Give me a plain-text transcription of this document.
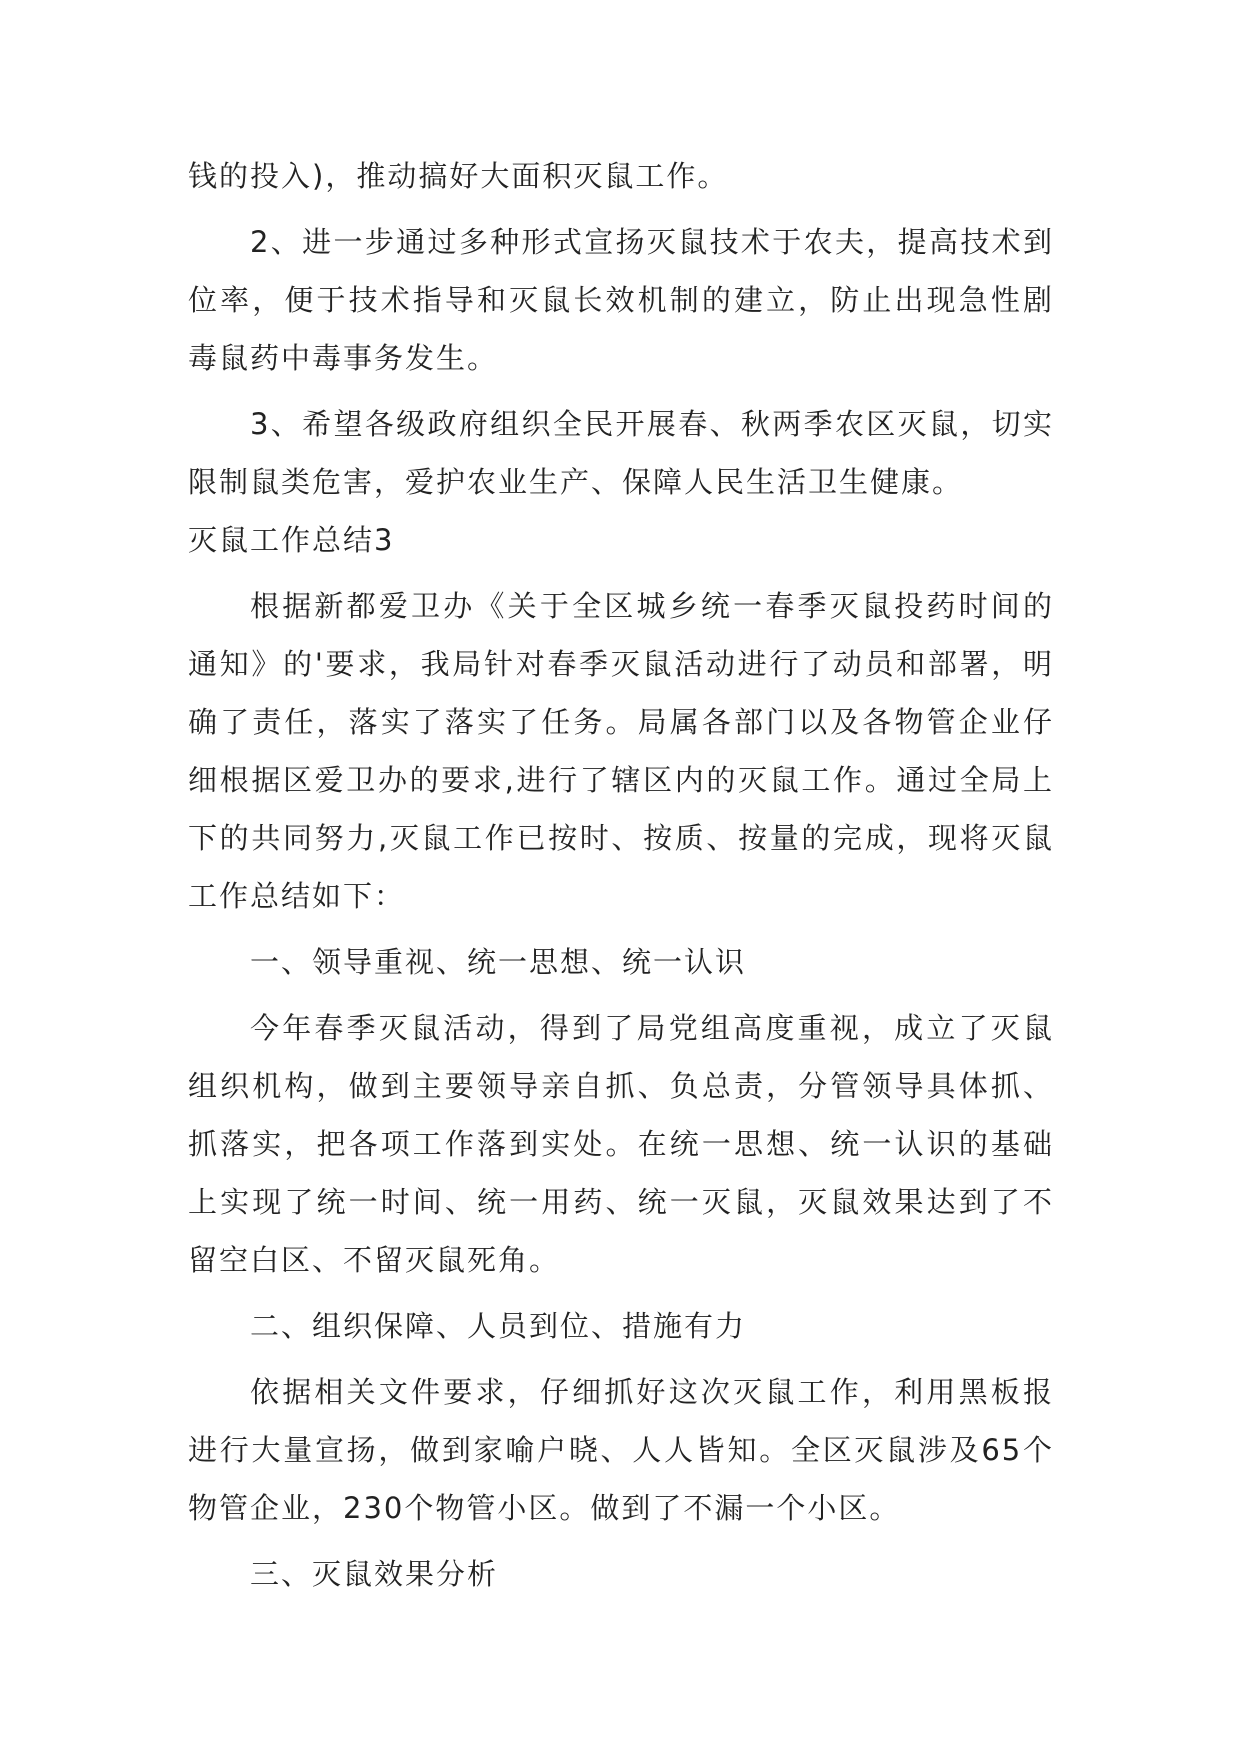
钱的投入)，推动搞好大面积灭鼠工作。

2、进一步通过多种形式宣扬灭鼠技术于农夫，提高技术到位率，便于技术指导和灭鼠长效机制的建立，防止出现急性剧毒鼠药中毒事务发生。

3、希望各级政府组织全民开展春、秋两季农区灭鼠，切实限制鼠类危害，爱护农业生产、保障人民生活卫生健康。

灭鼠工作总结3

根据新都爱卫办《关于全区城乡统一春季灭鼠投药时间的通知》的'要求，我局针对春季灭鼠活动进行了动员和部署，明确了责任，落实了落实了任务。局属各部门以及各物管企业仔细根据区爱卫办的要求,进行了辖区内的灭鼠工作。通过全局上下的共同努力,灭鼠工作已按时、按质、按量的完成，现将灭鼠工作总结如下：

一、领导重视、统一思想、统一认识

今年春季灭鼠活动，得到了局党组高度重视，成立了灭鼠组织机构，做到主要领导亲自抓、负总责，分管领导具体抓、抓落实，把各项工作落到实处。在统一思想、统一认识的基础上实现了统一时间、统一用药、统一灭鼠，灭鼠效果达到了不留空白区、不留灭鼠死角。

二、组织保障、人员到位、措施有力

依据相关文件要求，仔细抓好这次灭鼠工作，利用黑板报进行大量宣扬，做到家喻户晓、人人皆知。全区灭鼠涉及65个物管企业，230个物管小区。做到了不漏一个小区。

三、灭鼠效果分析
